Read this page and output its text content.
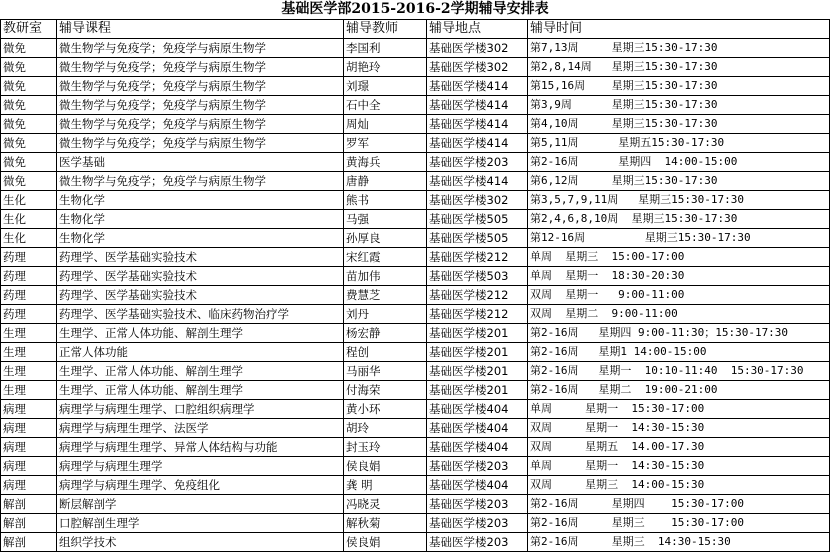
基础医学部2015-2016-2学期辅导安排表
教研室	辅导课程	辅导教师	辅导地点	辅导时间
微免	微生物学与免疫学；免疫学与病原生物学	李国利	基础医学楼302	第7,13周     星期三15:30-17:30
微免	微生物学与免疫学；免疫学与病原生物学	胡艳玲	基础医学楼302	第2,8,14周   星期三15:30-17:30
微免	微生物学与免疫学；免疫学与病原生物学	刘璟	基础医学楼414	第15,16周    星期三15:30-17:30
微免	微生物学与免疫学；免疫学与病原生物学	石中全	基础医学楼414	第3,9周      星期三15:30-17:30
微免	微生物学与免疫学；免疫学与病原生物学	周灿	基础医学楼414	第4,10周     星期三15:30-17:30
微免	微生物学与免疫学；免疫学与病原生物学	罗军	基础医学楼414	第5,11周      星期五15:30-17:30
微免	医学基础	黄海兵	基础医学楼203	第2-16周      星期四  14:00-15:00
微免	微生物学与免疫学；免疫学与病原生物学	唐静	基础医学楼414	第6,12周     星期三15:30-17:30
生化	生物化学	熊书	基础医学楼302	第3,5,7,9,11周   星期三15:30-17:30
生化	生物化学	马强	基础医学楼505	第2,4,6,8,10周  星期三15:30-17:30
生化	生物化学	孙厚良	基础医学楼505	第12-16周         星期三15:30-17:30
药理	药理学、医学基础实验技术	宋红霞	基础医学楼212	单周  星期三  15:00-17:00
药理	药理学、医学基础实验技术	苗加伟	基础医学楼503	单周  星期一  18:30-20:30
药理	药理学、医学基础实验技术	费慧芝	基础医学楼212	双周  星期一   9:00-11:00
药理	药理学、医学基础实验技术、临床药物治疗学	刘丹	基础医学楼212	双周  星期二  9:00-11:00
生理	生理学、正常人体功能、解剖生理学	杨宏静	基础医学楼201	第2-16周   星期四 9:00-11:30；15:30-17:30
生理	正常人体功能	程创	基础医学楼201	第2-16周   星期1 14:00-15:00
生理	生理学、正常人体功能、解剖生理学	马丽华	基础医学楼201	第2-16周   星期一  10:10-11:40  15:30-17:30
生理	生理学、正常人体功能、解剖生理学	付海荣	基础医学楼201	第2-16周   星期二  19:00-21:00
病理	病理学与病理生理学、口腔组织病理学	黄小环	基础医学楼404	单周     星期一  15:30-17:00
病理	病理学与病理生理学、法医学	胡玲	基础医学楼404	双周     星期一  14:30-15:30
病理	病理学与病理生理学、异常人体结构与功能	封玉玲	基础医学楼404	双周     星期五  14.00-17.30
病理	病理学与病理生理学	侯良娟	基础医学楼203	单周     星期一  14:30-15:30
病理	病理学与病理生理学、免疫组化	龚 明	基础医学楼404	双周     星期三  14:00-15:30
解剖	断层解剖学	冯晓灵	基础医学楼203	第2-16周     星期四    15:30-17:00
解剖	口腔解剖生理学	解秋菊	基础医学楼203	第2-16周     星期三    15:30-17:00
解剖	组织学技术	侯良娟	基础医学楼203	第2-16周     星期三  14:30-15:30
